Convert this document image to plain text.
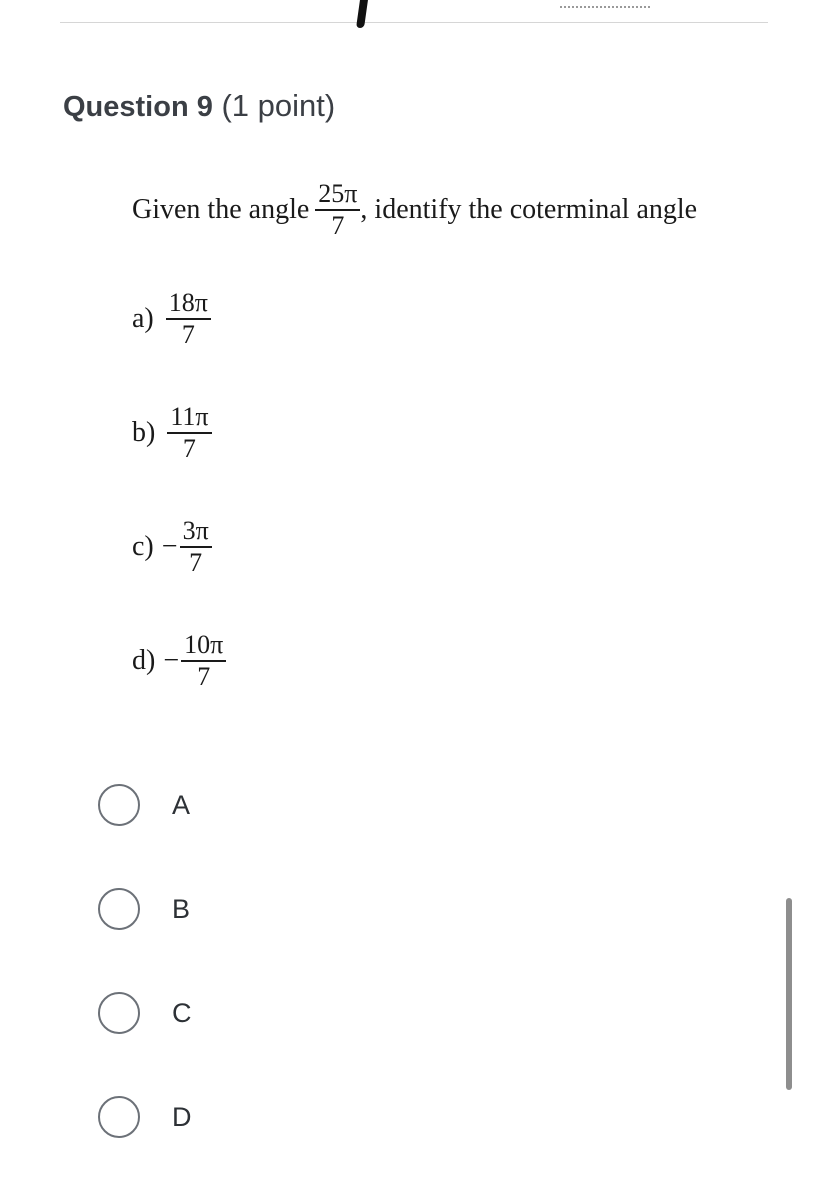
Question 9 (1 point)
Given the angle $\frac{25\pi}{7}$ , identify the coterminal angle
$a) \frac{18\pi}{7}$
$b) \frac{11\pi}{7}$
$c) - \frac{3\pi}{7}$
$d) - \frac{10\pi}{7}$
A
B
C
D
